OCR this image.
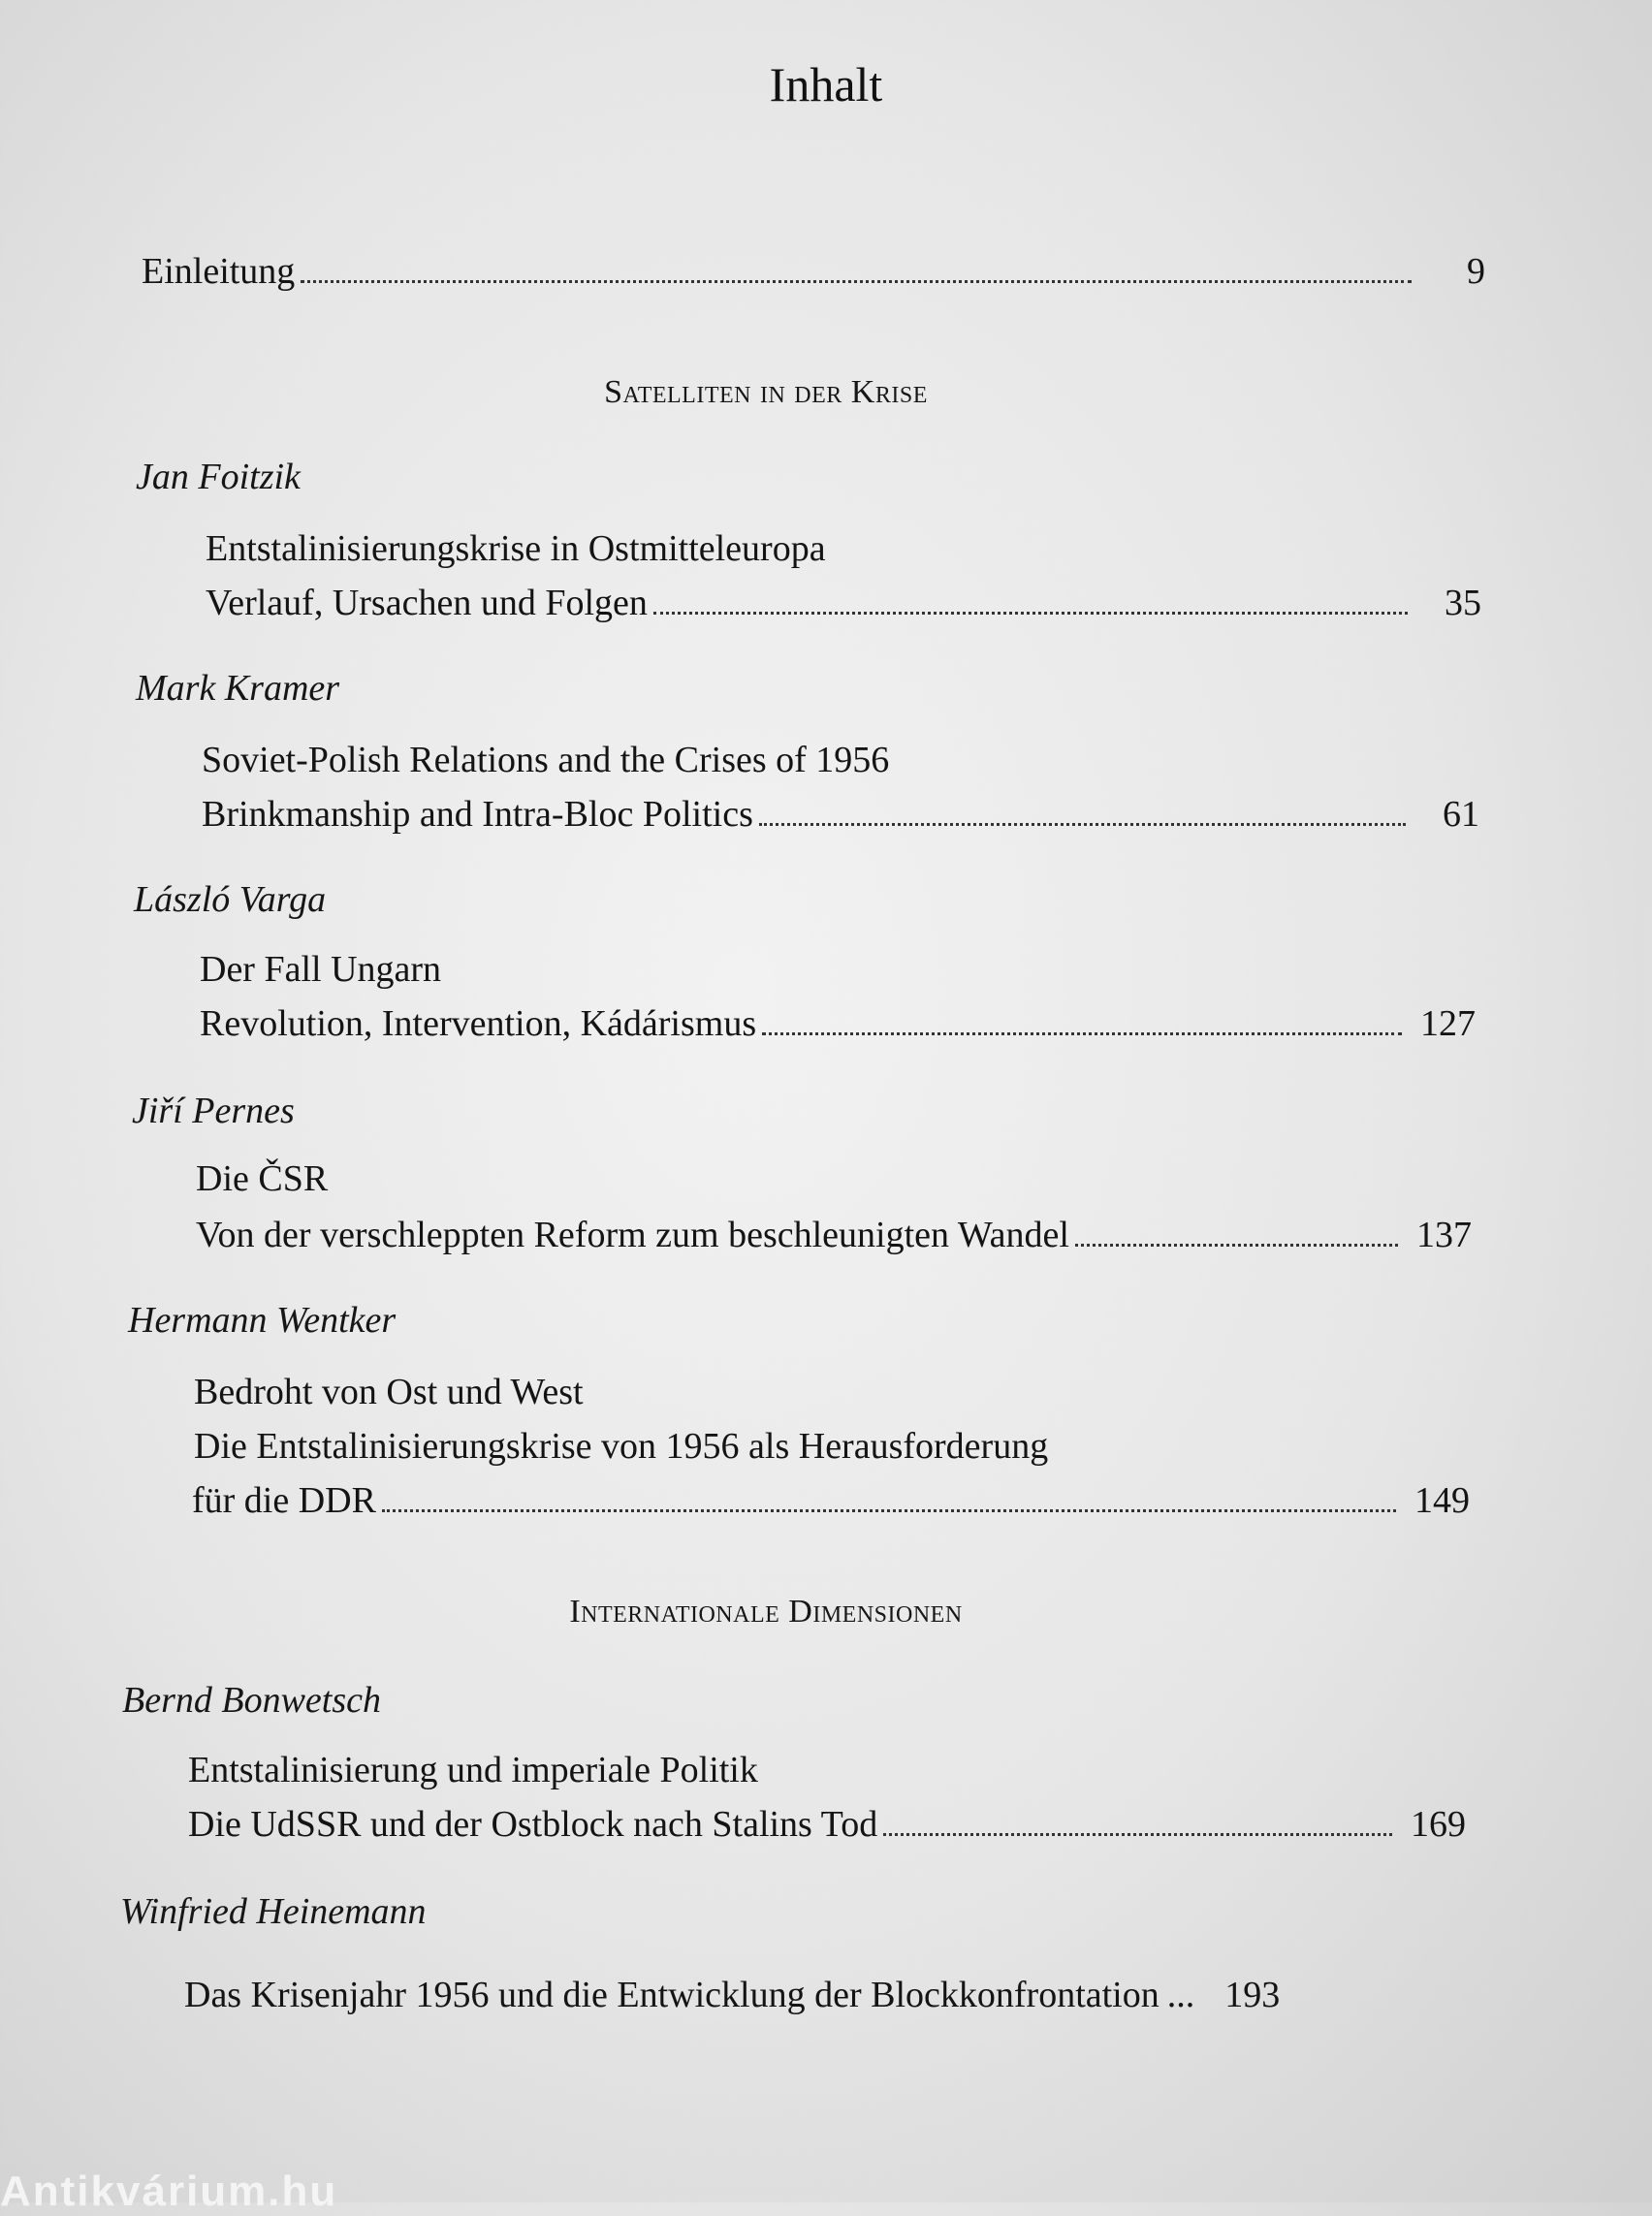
Inhalt
Einleitung	9
Satelliten in der Krise
Jan Foitzik
Entstalinisierungskrise in Ostmitteleuropa
Verlauf, Ursachen und Folgen	35
Mark Kramer
Soviet-Polish Relations and the Crises of 1956
Brinkmanship and Intra-Bloc Politics	61
László Varga
Der Fall Ungarn
Revolution, Intervention, Kádárismus	127
Jiří Pernes
Die ČSR
Von der verschleppten Reform zum beschleunigten Wandel	137
Hermann Wentker
Bedroht von Ost und West
Die Entstalinisierungskrise von 1956 als Herausforderung
für die DDR	149
Internationale Dimensionen
Bernd Bonwetsch
Entstalinisierung und imperiale Politik
Die UdSSR und der Ostblock nach Stalins Tod	169
Winfried Heinemann
Das Krisenjahr 1956 und die Entwicklung der Blockkonfrontation ... 193
Antikvárium.hu
